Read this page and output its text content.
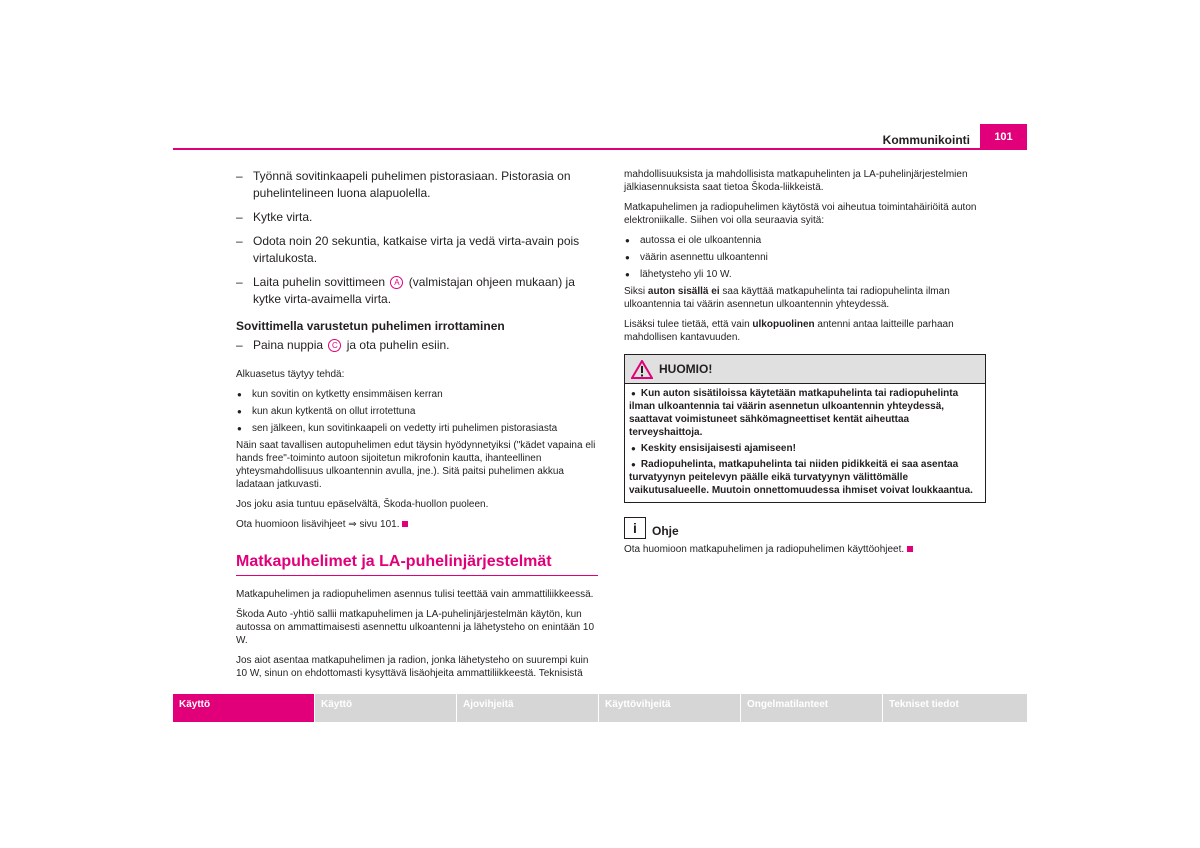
Kommunikointi	101
– Työnnä sovitinkaapeli puhelimen pistorasiaan. Pistorasia on puhelintelineen luona alapuolella.
– Kytke virta.
– Odota noin 20 sekuntia, katkaise virta ja vedä virta-avain pois virtalukosta.
– Laita puhelin sovittimeen A (valmistajan ohjeen mukaan) ja kytke virta-avaimella virta.
Sovittimella varustetun puhelimen irrottaminen
– Paina nuppia C ja ota puhelin esiin.
Alkuasetus täytyy tehdä:
● kun sovitin on kytketty ensimmäisen kerran
● kun akun kytkentä on ollut irrotettuna
● sen jälkeen, kun sovitinkaapeli on vedetty irti puhelimen pistorasiasta
Näin saat tavallisen autopuhelimen edut täysin hyödynnetyiksi ("kädet vapaina eli hands free"-toiminto autoon sijoitetun mikrofonin kautta, ihanteellinen yhteysmahdollisuus ulkoantennin avulla, jne.). Sitä paitsi puhelimen akkua ladataan jatkuvasti.
Jos joku asia tuntuu epäselvältä, Škoda-huollon puoleen.
Ota huomioon lisävihjeet ⇒ sivu 101.
Matkapuhelimet ja LA-puhelinjärjestelmät
Matkapuhelimen ja radiopuhelimen asennus tulisi teettää vain ammattiliikkeessä.
Škoda Auto -yhtiö sallii matkapuhelimen ja LA-puhelinjärjestelmän käytön, kun autossa on ammattimaisesti asennettu ulkoantenni ja lähetysteho on enintään 10 W.
Jos aiot asentaa matkapuhelimen ja radion, jonka lähetysteho on suurempi kuin 10 W, sinun on ehdottomasti kysyttävä lisäohjeita ammattiliikkeestä. Teknisistä
mahdollisuuksista ja mahdollisista matkapuhelinten ja LA-puhelinjärjestelmien jälkiasennuksista saat tietoa Škoda-liikkeistä.
Matkapuhelimen ja radiopuhelimen käytöstä voi aiheutua toimintahäiriöitä auton elektroniikalle. Siihen voi olla seuraavia syitä:
● autossa ei ole ulkoantennia
● väärin asennettu ulkoantenni
● lähetysteho yli 10 W.
Siksi auton sisällä ei saa käyttää matkapuhelinta tai radiopuhelinta ilman ulkoantennia tai väärin asennetun ulkoantennin yhteydessä.
Lisäksi tulee tietää, että vain ulkopuolinen antenni antaa laitteille parhaan mahdollisen kantavuuden.
HUOMIO!
● Kun auton sisätiloissa käytetään matkapuhelinta tai radiopuhelinta ilman ulkoantennia tai väärin asennetun ulkoantennin yhteydessä, saattavat voimistuneet sähkömagneettiset kentät aiheuttaa terveyshaittoja.
● Keskity ensisijaisesti ajamiseen!
● Radiopuhelinta, matkapuhelinta tai niiden pidikkeitä ei saa asentaa turvatyynyn peitelevyn päälle eikä turvatyynyn välittömälle vaikutusalueelle. Muutoin onnettomuudessa ihmiset voivat loukkaantua.
i	Ohje
Ota huomioon matkapuhelimen ja radiopuhelimen käyttöohjeet.
Käyttö	Käyttö	Ajovihjeitä	Käyttövihjeitä	Ongelmatilanteet	Tekniset tiedot
